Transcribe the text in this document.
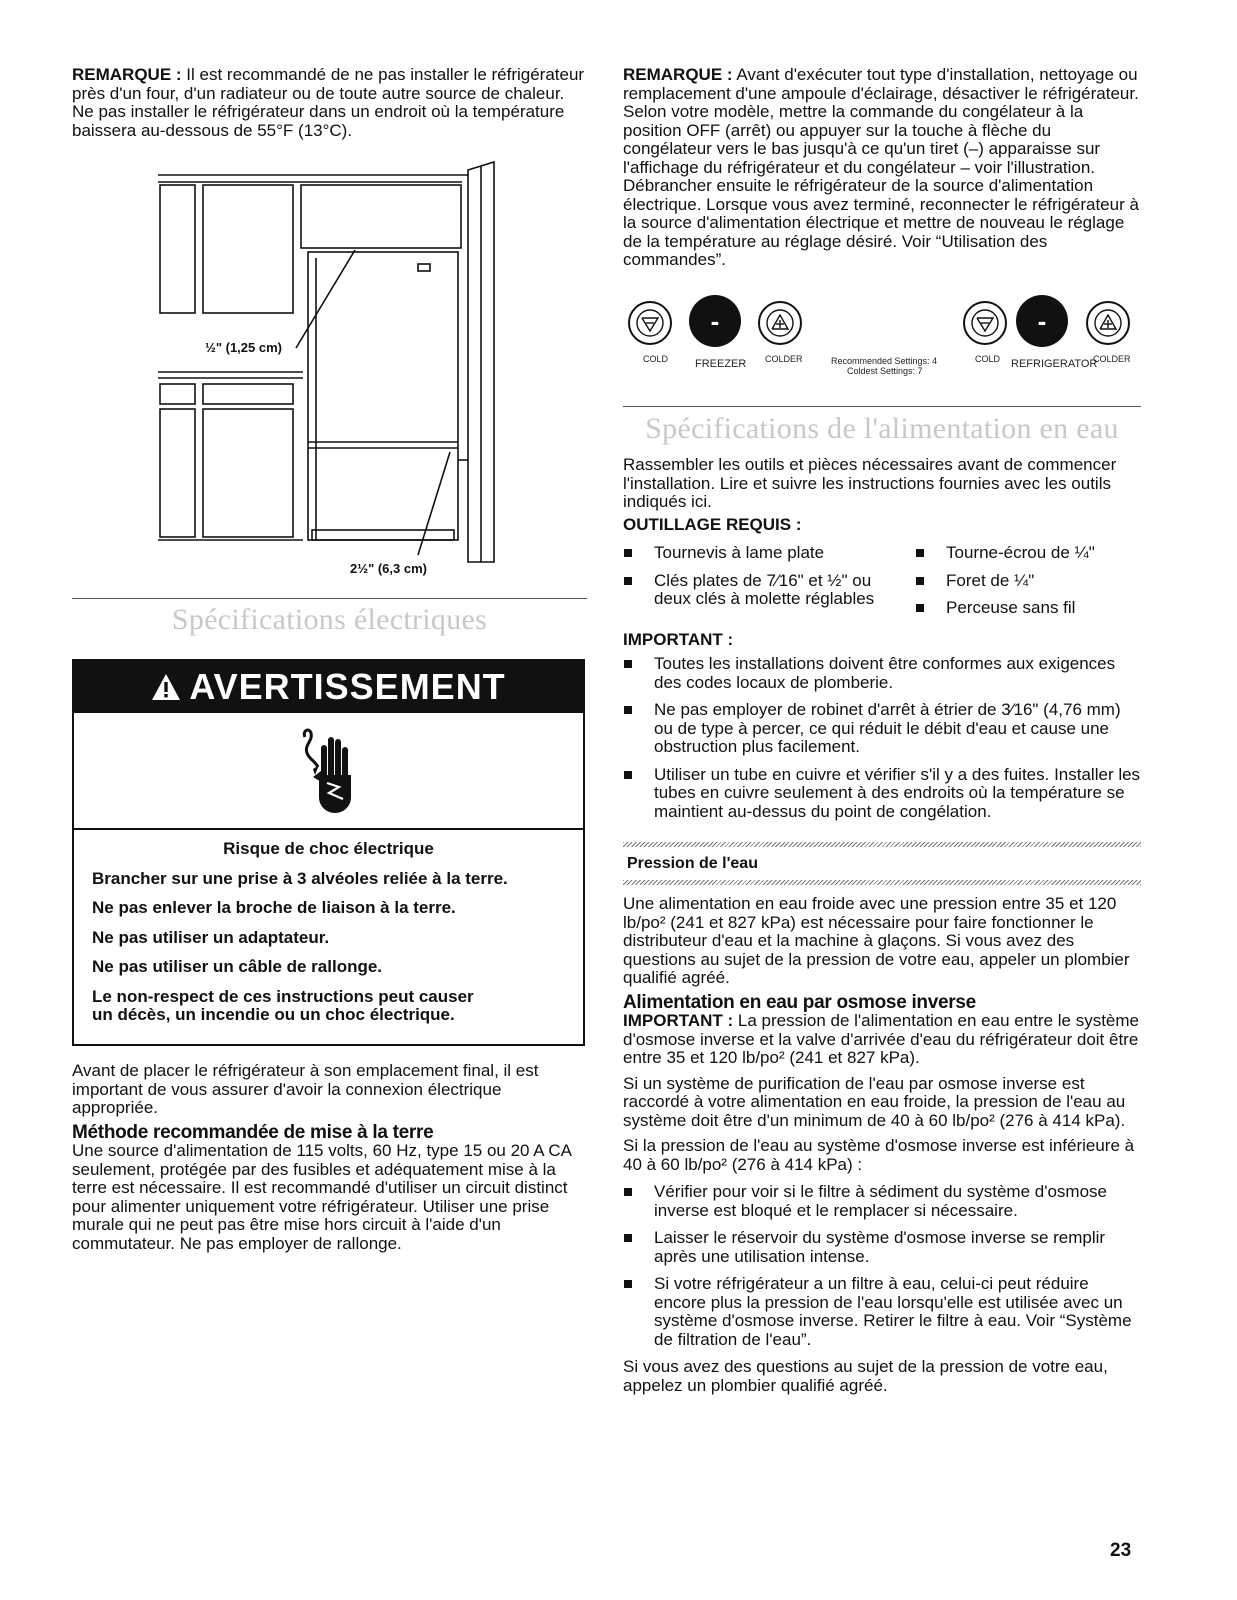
REMARQUE : Il est recommandé de ne pas installer le réfrigérateur près d'un four, d'un radiateur ou de toute autre source de chaleur. Ne pas installer le réfrigérateur dans un endroit où la température baissera au-dessous de 55°F (13°C).

½" (1,25 cm)
2½" (6,3 cm)
Spécifications électriques
AVERTISSEMENT

Risque de choc électrique

Brancher sur une prise à 3 alvéoles reliée à la terre.

Ne pas enlever la broche de liaison à la terre.

Ne pas utiliser un adaptateur.

Ne pas utiliser un câble de rallonge.

Le non-respect de ces instructions peut causer un décès, un incendie ou un choc électrique.

Avant de placer le réfrigérateur à son emplacement final, il est important de vous assurer d'avoir la connexion électrique appropriée.

Méthode recommandée de mise à la terre

Une source d'alimentation de 115 volts, 60 Hz, type 15 ou 20 A CA seulement, protégée par des fusibles et adéquatement mise à la terre est nécessaire. Il est recommandé d'utiliser un circuit distinct pour alimenter uniquement votre réfrigérateur. Utiliser une prise murale qui ne peut pas être mise hors circuit à l'aide d'un commutateur. Ne pas employer de rallonge.

REMARQUE : Avant d'exécuter tout type d'installation, nettoyage ou remplacement d'une ampoule d'éclairage, désactiver le réfrigérateur. Selon votre modèle, mettre la commande du congélateur à la position OFF (arrêt) ou appuyer sur la touche à flèche du congélateur vers le bas jusqu'à ce qu'un tiret (–) apparaisse sur l'affichage du réfrigérateur et du congélateur – voir l'illustration. Débrancher ensuite le réfrigérateur de la source d'alimentation électrique. Lorsque vous avez terminé, reconnecter le réfrigérateur à la source d'alimentation électrique et mettre de nouveau le réglage de la température au réglage désiré. Voir “Utilisation des commandes”.

-
COLD FREEZER COLDER	Recommended Settings: 4
Coldest Settings: 7
-
COLD REFRIGERATOR
COLDER
Spécifications de l'alimentation en eau

Rassembler les outils et pièces nécessaires avant de commencer l'installation. Lire et suivre les instructions fournies avec les outils indiqués ici.

OUTILLAGE REQUIS :

Tournevis à lame plate
Clés plates de 7⁄16" et ½" ou deux clés à molette réglables
Tourne-écrou de ¼"
Foret de ¼"
Perceuse sans fil

IMPORTANT :

Toutes les installations doivent être conformes aux exigences des codes locaux de plomberie.
Ne pas employer de robinet d'arrêt à étrier de 3⁄16" (4,76 mm) ou de type à percer, ce qui réduit le débit d'eau et cause une obstruction plus facilement.
Utiliser un tube en cuivre et vérifier s'il y a des fuites. Installer les tubes en cuivre seulement à des endroits où la température se maintient au-dessus du point de congélation.
Pression de l'eau

Une alimentation en eau froide avec une pression entre 35 et 120 lb/po² (241 et 827 kPa) est nécessaire pour faire fonctionner le distributeur d'eau et la machine à glaçons. Si vous avez des questions au sujet de la pression de votre eau, appeler un plombier qualifié agréé.

Alimentation en eau par osmose inverse

IMPORTANT : La pression de l'alimentation en eau entre le système d'osmose inverse et la valve d'arrivée d'eau du réfrigérateur doit être entre 35 et 120 lb/po² (241 et 827 kPa).

Si un système de purification de l'eau par osmose inverse est raccordé à votre alimentation en eau froide, la pression de l'eau au système doit être d'un minimum de 40 à 60 lb/po² (276 à 414 kPa).

Si la pression de l'eau au système d'osmose inverse est inférieure à 40 à 60 lb/po² (276 à 414 kPa) :

Vérifier pour voir si le filtre à sédiment du système d'osmose inverse est bloqué et le remplacer si nécessaire.
Laisser le réservoir du système d'osmose inverse se remplir après une utilisation intense.
Si votre réfrigérateur a un filtre à eau, celui-ci peut réduire encore plus la pression de l'eau lorsqu'elle est utilisée avec un système d'osmose inverse. Retirer le filtre à eau. Voir “Système de filtration de l'eau”.

Si vous avez des questions au sujet de la pression de votre eau, appelez un plombier qualifié agréé.

23
